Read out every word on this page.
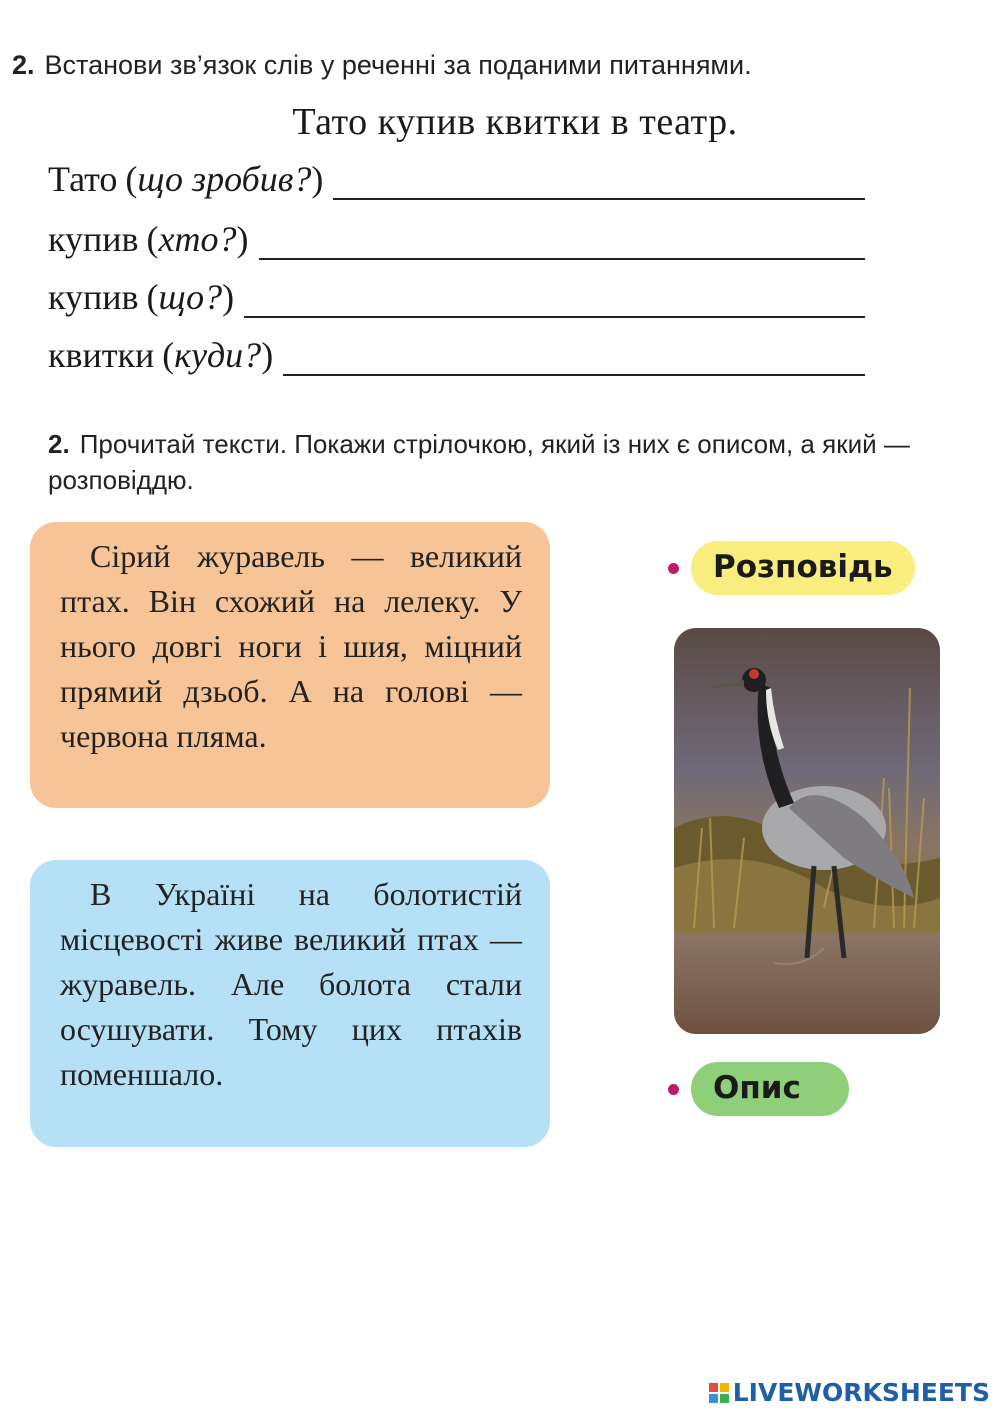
2. Встанови зв’язок слів у реченні за поданими питаннями.
Тато купив квитки в театр.
Тато (що зробив?)
купив (хто?)
купив (що?)
квитки (куди?)
2. Прочитай тексти. Покажи стрілочкою, який із них є описом, а який — розповіддю.

Сірий журавель — великий птах. Він схожий на лелеку. У нього довгі ноги і шия, міцний прямий дзьоб. А на голові — червона пляма.

В Україні на болотистій місцевості живе великий птах — журавель. Але болота стали осушувати. Тому цих птахів поменшало.

Розповідь
Опис
LIVEWORKSHEETS
